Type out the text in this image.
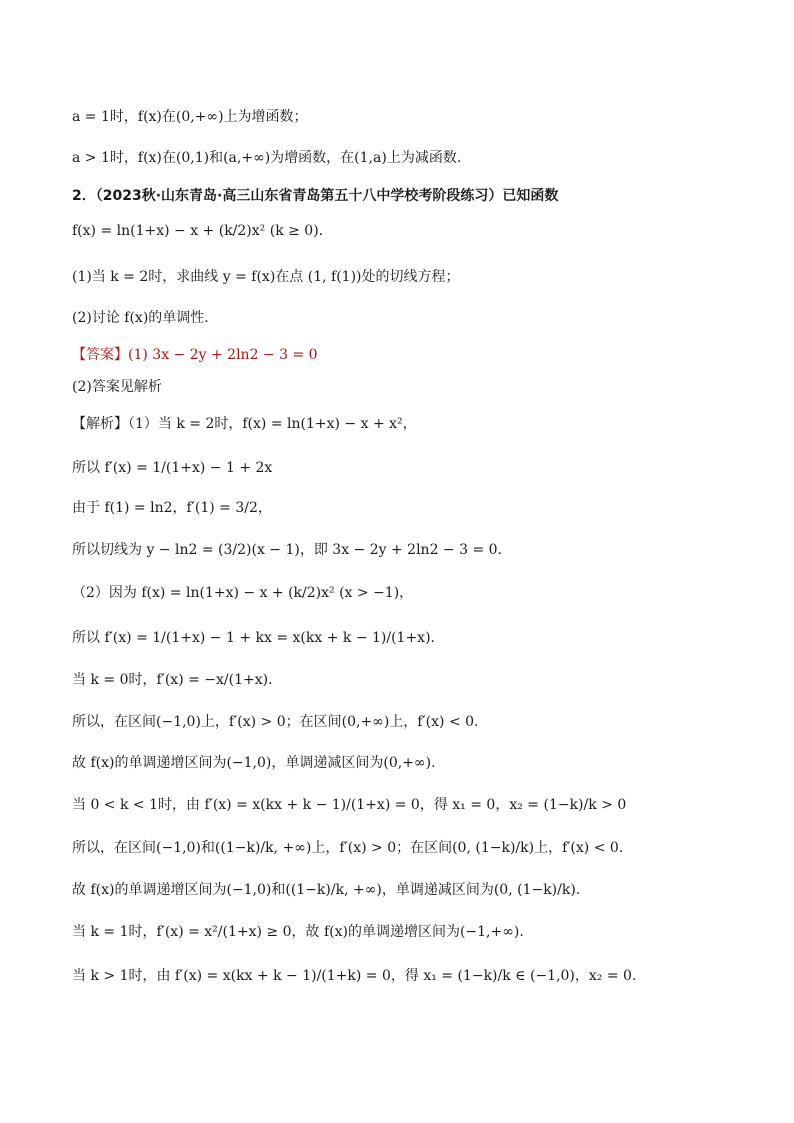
a = 1时，f(x)在(0,+∞)上为增函数；
a > 1时，f(x)在(0,1)和(a,+∞)为增函数，在(1,a)上为减函数.
2．（2023秋·山东青岛·高三山东省青岛第五十八中学校考阶段练习）已知函数
f(x) = ln(1+x) − x + (k/2)x² (k ≥ 0).
(1)当 k = 2时，求曲线 y = f(x)在点 (1, f(1))处的切线方程；
(2)讨论 f(x)的单调性.
【答案】(1) 3x − 2y + 2ln2 − 3 = 0
(2)答案见解析
【解析】（1）当 k = 2时，f(x) = ln(1+x) − x + x²，
所以 f′(x) = 1/(1+x) − 1 + 2x
由于 f(1) = ln2，f′(1) = 3/2，
所以切线为 y − ln2 = (3/2)(x − 1)，即 3x − 2y + 2ln2 − 3 = 0.
（2）因为 f(x) = ln(1+x) − x + (k/2)x² (x > −1)，
所以 f′(x) = 1/(1+x) − 1 + kx = x(kx + k − 1)/(1+x).
当 k = 0时，f′(x) = −x/(1+x).
所以，在区间(−1,0)上，f′(x) > 0；在区间(0,+∞)上，f′(x) < 0.
故 f(x)的单调递增区间为(−1,0)，单调递减区间为(0,+∞).
当 0 < k < 1时，由 f′(x) = x(kx + k − 1)/(1+x) = 0，得 x₁ = 0，x₂ = (1−k)/k > 0
所以，在区间(−1,0)和((1−k)/k, +∞)上，f′(x) > 0；在区间(0, (1−k)/k)上，f′(x) < 0.
故 f(x)的单调递增区间为(−1,0)和((1−k)/k, +∞)，单调递减区间为(0, (1−k)/k).
当 k = 1时，f′(x) = x²/(1+x) ≥ 0，故 f(x)的单调递增区间为(−1,+∞).
当 k > 1时，由 f′(x) = x(kx + k − 1)/(1+k) = 0，得 x₁ = (1−k)/k ∈ (−1,0)，x₂ = 0.
